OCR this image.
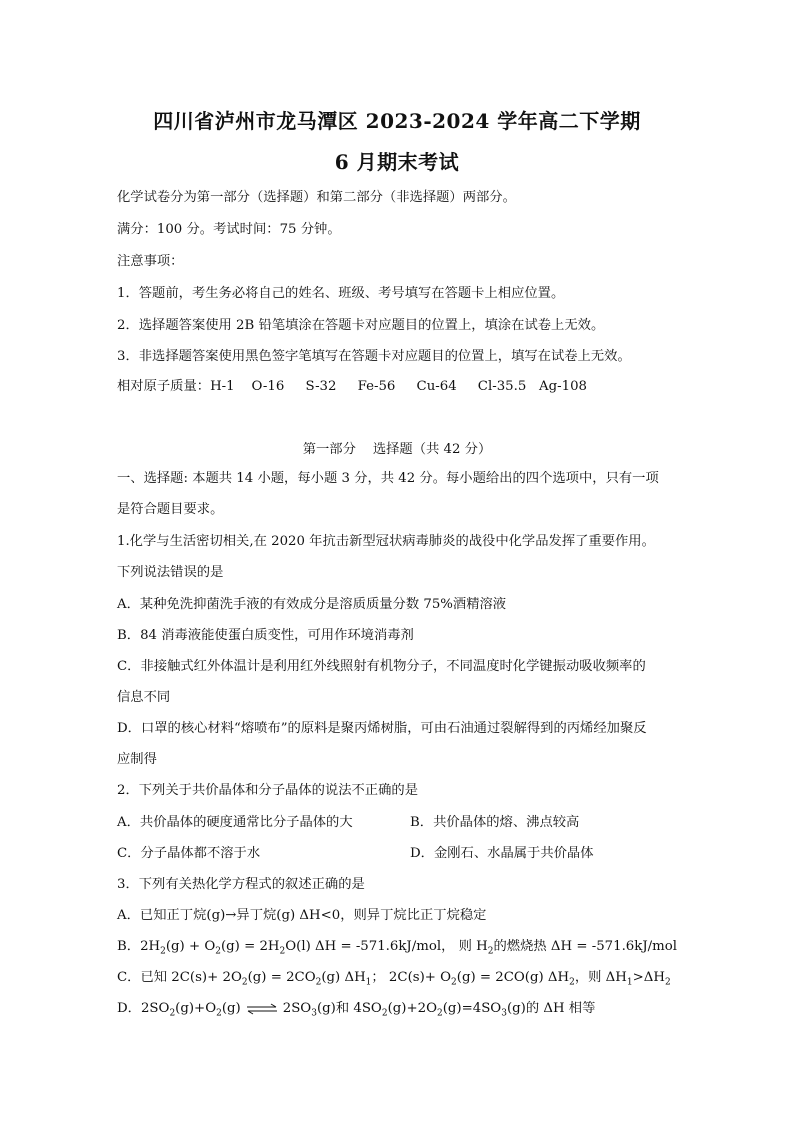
四川省泸州市龙马潭区 2023-2024 学年高二下学期
6 月期末考试
化学试卷分为第一部分（选择题）和第二部分（非选择题）两部分。
满分：100 分。考试时间：75 分钟。
注意事项：
1．答题前，考生务必将自己的姓名、班级、考号填写在答题卡上相应位置。
2．选择题答案使用 2B 铅笔填涂在答题卡对应题目的位置上，填涂在试卷上无效。
3．非选择题答案使用黑色签字笔填写在答题卡对应题目的位置上，填写在试卷上无效。
相对原子质量：H-1    O-16     S-32     Fe-56     Cu-64     Cl-35.5   Ag-108
第一部分    选择题（共 42 分）
一、选择题: 本题共 14 小题，每小题 3 分，共 42 分。每小题给出的四个选项中，只有一项
是符合题目要求。
1.化学与生活密切相关,在 2020 年抗击新型冠状病毒肺炎的战役中化学品发挥了重要作用。
下列说法错误的是
A．某种免洗抑菌洗手液的有效成分是溶质质量分数 75%酒精溶液
B．84 消毒液能使蛋白质变性，可用作环境消毒剂
C．非接触式红外体温计是利用红外线照射有机物分子，不同温度时化学键振动吸收频率的
信息不同
D．口罩的核心材料“熔喷布”的原料是聚丙烯树脂，可由石油通过裂解得到的丙烯经加聚反
应制得
2．下列关于共价晶体和分子晶体的说法不正确的是
A．共价晶体的硬度通常比分子晶体的大	B．共价晶体的熔、沸点较高
C．分子晶体都不溶于水	D．金刚石、水晶属于共价晶体
3．下列有关热化学方程式的叙述正确的是
A．已知正丁烷(g)→异丁烷(g) ΔH<0，则异丁烷比正丁烷稳定
B．$2H_2(g) + O_2(g) = 2H_2O(l) \Delta H = -571.6kJ/mol$， 则 $H_2$的燃烧热 ΔH = -571.6kJ/mol
C．已知 $2C(s)+ 2O_2(g) = 2CO_2(g)$ $\Delta H_1$； $2C(s)+ O_2(g) = 2CO(g)$ $\Delta H_2$，则 $\Delta H_1>\Delta H_2$
D．$2SO_2(g)+O_2(g)$ ⇌ $2SO_3(g)$和 $4SO_2(g)+2O_2(g)=4SO_3(g)$的 ΔH 相等
